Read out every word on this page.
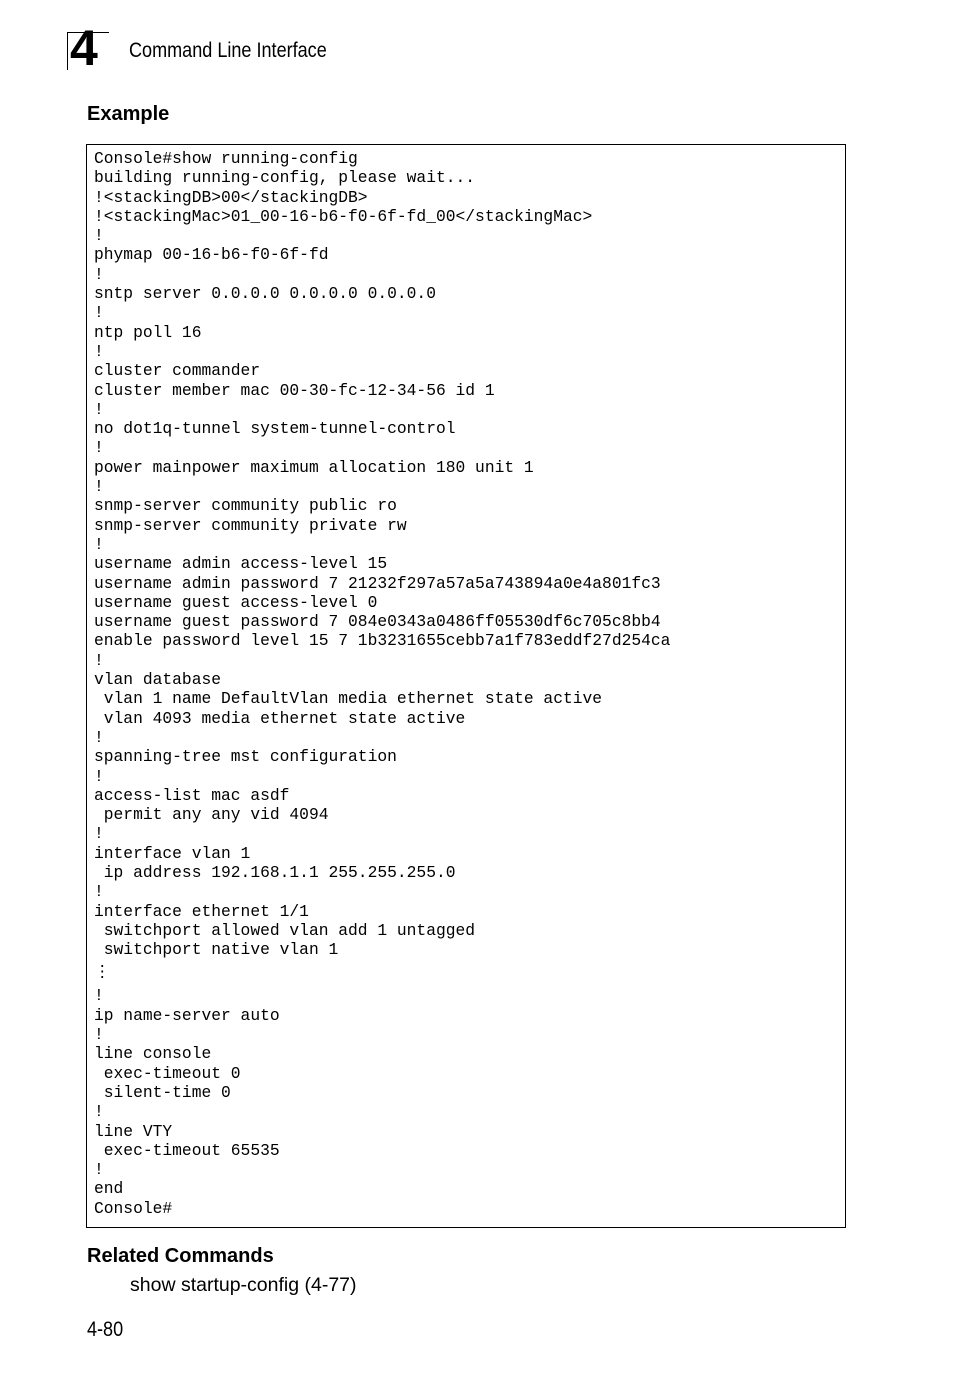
4 Command Line Interface
Example
Console#show running-config
building running-config, please wait...
!<stackingDB>00</stackingDB>
!<stackingMac>01_00-16-b6-f0-6f-fd_00</stackingMac>
!
phymap 00-16-b6-f0-6f-fd
!
sntp server 0.0.0.0 0.0.0.0 0.0.0.0
!
ntp poll 16
!
cluster commander
cluster member mac 00-30-fc-12-34-56 id 1
!
no dot1q-tunnel system-tunnel-control
!
power mainpower maximum allocation 180 unit 1
!
snmp-server community public ro
snmp-server community private rw
!
username admin access-level 15
username admin password 7 21232f297a57a5a743894a0e4a801fc3
username guest access-level 0
username guest password 7 084e0343a0486ff05530df6c705c8bb4
enable password level 15 7 1b3231655cebb7a1f783eddf27d254ca
!
vlan database
vlan 1 name DefaultVlan media ethernet state active
vlan 4093 media ethernet state active
!
spanning-tree mst configuration
!
access-list mac asdf
permit any any vid 4094
!
interface vlan 1
ip address 192.168.1.1 255.255.255.0
!
interface ethernet 1/1
switchport allowed vlan add 1 untagged
switchport native vlan 1
⋮
!
ip name-server auto
!
line console
exec-timeout 0
silent-time 0
!
line VTY
exec-timeout 65535
!
end
Console#
Related Commands
show startup-config (4-77)
4-80
